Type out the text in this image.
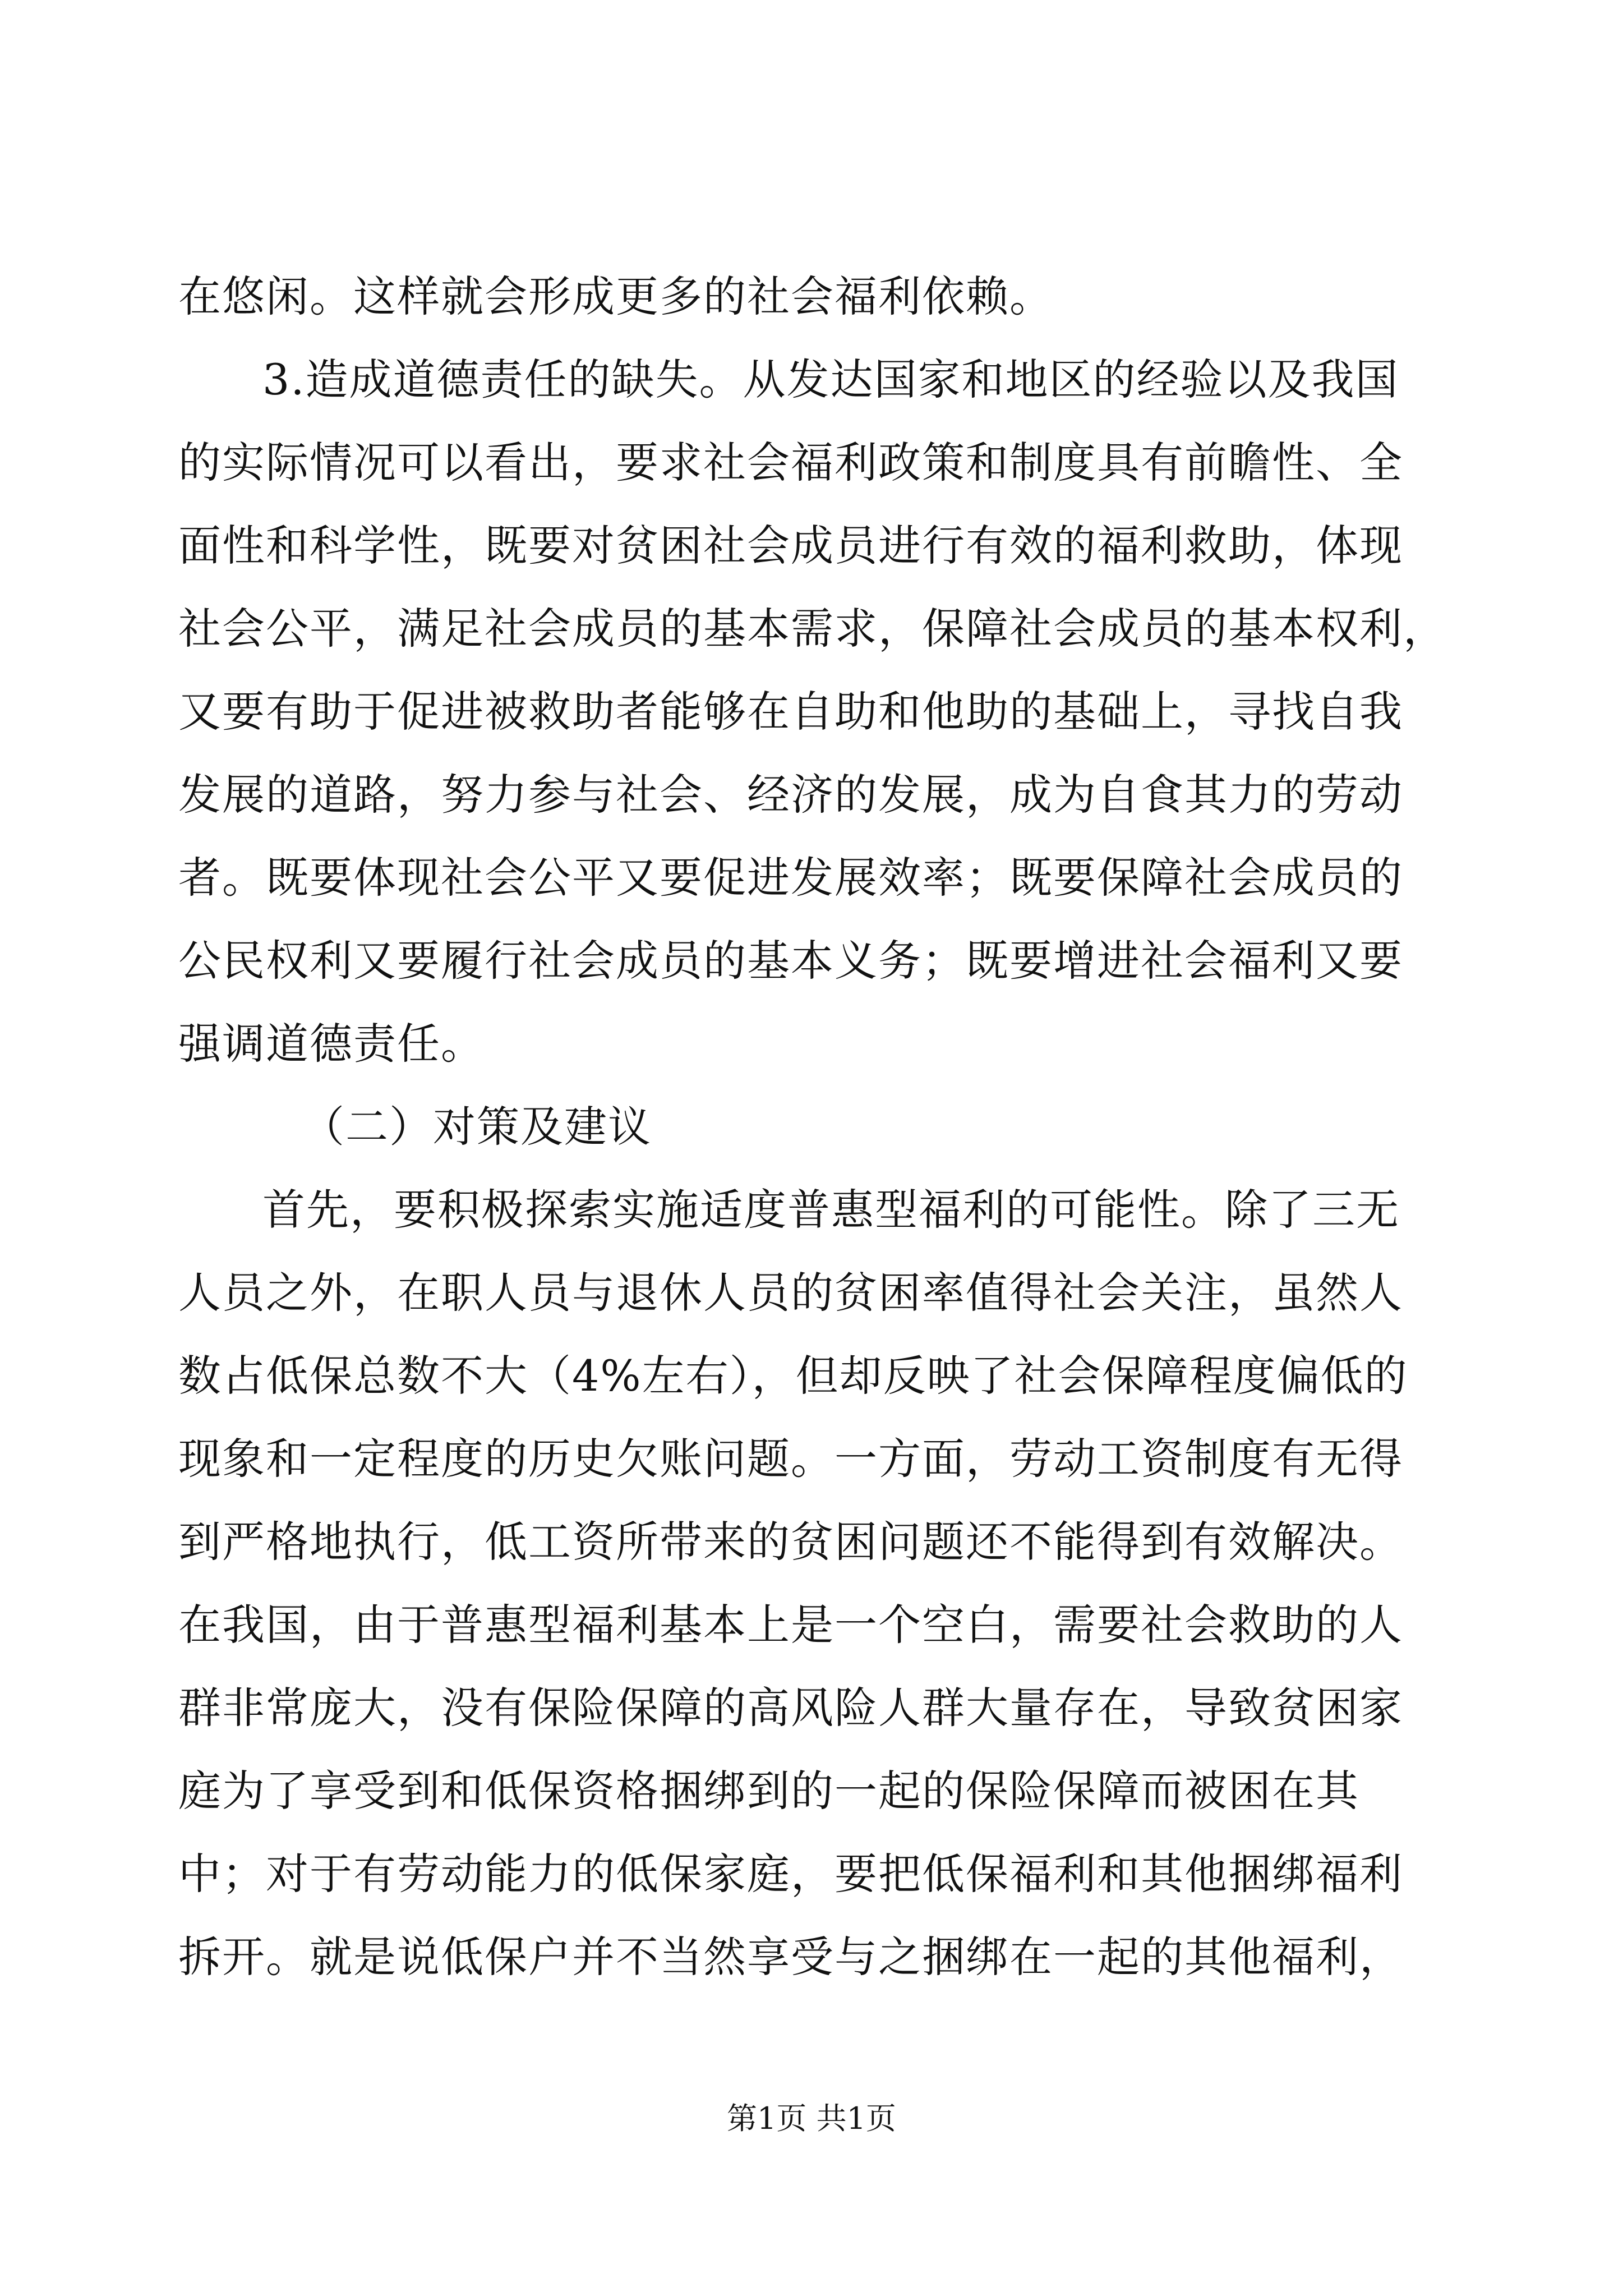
在悠闲。这样就会形成更多的社会福利依赖。
3.造成道德责任的缺失。从发达国家和地区的经验以及我国
的实际情况可以看出，要求社会福利政策和制度具有前瞻性、全
面性和科学性，既要对贫困社会成员进行有效的福利救助，体现
社会公平，满足社会成员的基本需求，保障社会成员的基本权利，
又要有助于促进被救助者能够在自助和他助的基础上，寻找自我
发展的道路，努力参与社会、经济的发展，成为自食其力的劳动
者。既要体现社会公平又要促进发展效率；既要保障社会成员的
公民权利又要履行社会成员的基本义务；既要增进社会福利又要
强调道德责任。
（二）对策及建议
首先，要积极探索实施适度普惠型福利的可能性。除了三无
人员之外，在职人员与退休人员的贫困率值得社会关注，虽然人
数占低保总数不大（4%左右），但却反映了社会保障程度偏低的
现象和一定程度的历史欠账问题。一方面，劳动工资制度有无得
到严格地执行，低工资所带来的贫困问题还不能得到有效解决。
在我国，由于普惠型福利基本上是一个空白，需要社会救助的人
群非常庞大，没有保险保障的高风险人群大量存在，导致贫困家
庭为了享受到和低保资格捆绑到的一起的保险保障而被困在其
中；对于有劳动能力的低保家庭，要把低保福利和其他捆绑福利
拆开。就是说低保户并不当然享受与之捆绑在一起的其他福利，
第1页 共1页
